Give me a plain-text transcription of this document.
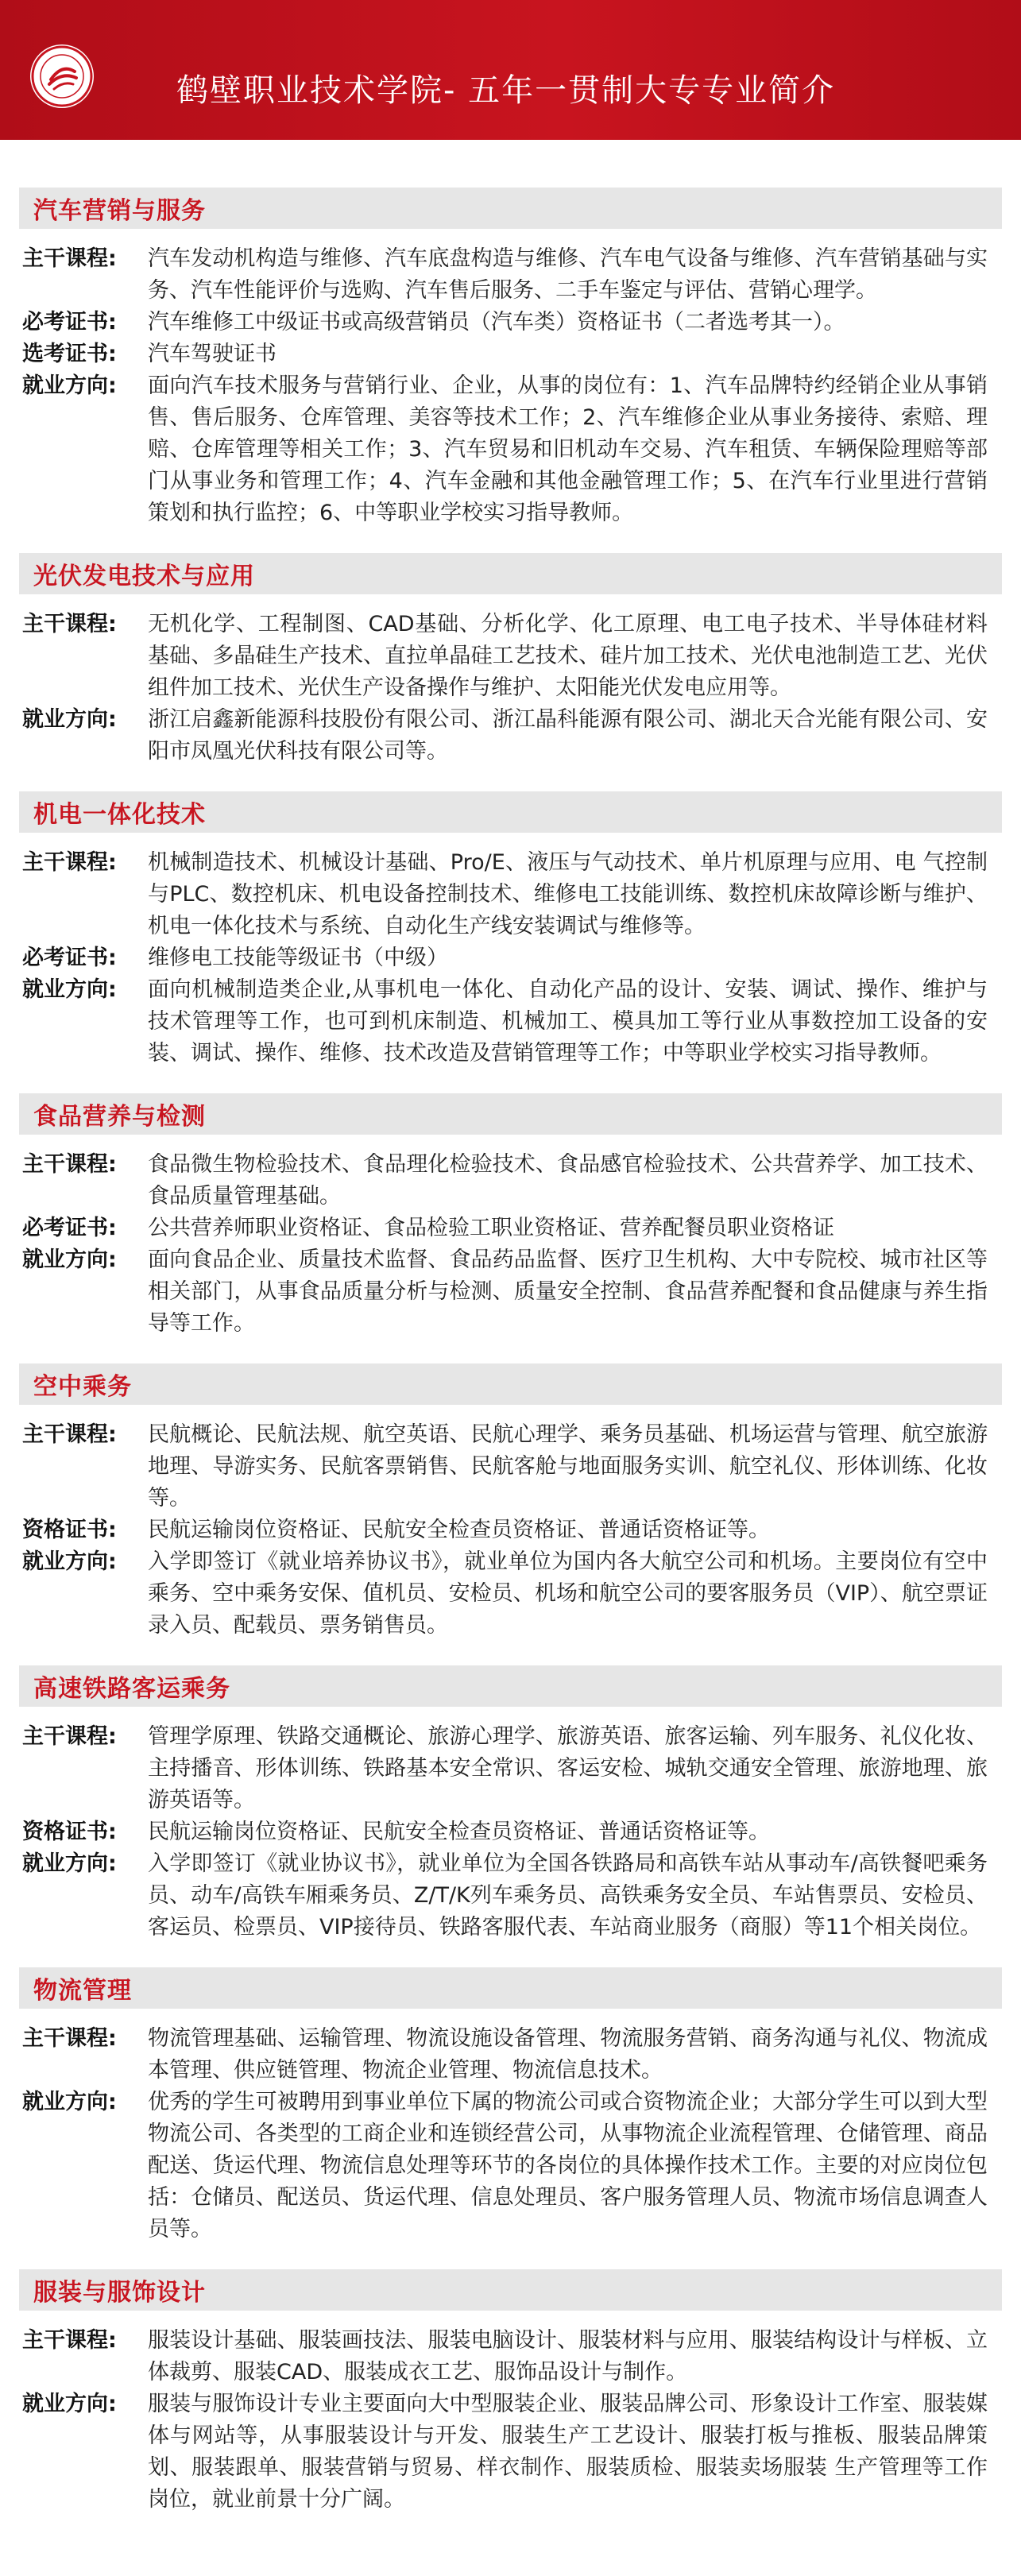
鹤壁职业技术学院- 五年一贯制大专专业简介
汽车营销与服务
主干课程:	汽车发动机构造与维修、汽车底盘构造与维修、汽车电气设备与维修、汽车营销基础与实务、汽车性能评价与选购、汽车售后服务、二手车鉴定与评估、营销心理学。
必考证书:	汽车维修工中级证书或高级营销员（汽车类）资格证书（二者选考其一）。
选考证书:	汽车驾驶证书
就业方向:	面向汽车技术服务与营销行业、企业，从事的岗位有：1、汽车品牌特约经销企业从事销售、售后服务、仓库管理、美容等技术工作；2、汽车维修企业从事业务接待、索赔、理赔、仓库管理等相关工作；3、汽车贸易和旧机动车交易、汽车租赁、车辆保险理赔等部门从事业务和管理工作；4、汽车金融和其他金融管理工作；5、在汽车行业里进行营销策划和执行监控；6、中等职业学校实习指导教师。
光伏发电技术与应用
主干课程:	无机化学、工程制图、CAD基础、分析化学、化工原理、电工电子技术、半导体硅材料基础、多晶硅生产技术、直拉单晶硅工艺技术、硅片加工技术、光伏电池制造工艺、光伏组件加工技术、光伏生产设备操作与维护、太阳能光伏发电应用等。
就业方向:	浙江启鑫新能源科技股份有限公司、浙江晶科能源有限公司、湖北天合光能有限公司、安阳市凤凰光伏科技有限公司等。
机电一体化技术
主干课程:	机械制造技术、机械设计基础、Pro/E、液压与气动技术、单片机原理与应用、电 气控制与PLC、数控机床、机电设备控制技术、维修电工技能训练、数控机床故障诊断与维护、机电一体化技术与系统、自动化生产线安装调试与维修等。
必考证书:	维修电工技能等级证书（中级）
就业方向:	面向机械制造类企业,从事机电一体化、自动化产品的设计、安装、调试、操作、维护与技术管理等工作，也可到机床制造、机械加工、模具加工等行业从事数控加工设备的安装、调试、操作、维修、技术改造及营销管理等工作；中等职业学校实习指导教师。
食品营养与检测
主干课程:	食品微生物检验技术、食品理化检验技术、食品感官检验技术、公共营养学、加工技术、食品质量管理基础。
必考证书:	公共营养师职业资格证、食品检验工职业资格证、营养配餐员职业资格证
就业方向:	面向食品企业、质量技术监督、食品药品监督、医疗卫生机构、大中专院校、城市社区等相关部门，从事食品质量分析与检测、质量安全控制、食品营养配餐和食品健康与养生指导等工作。
空中乘务
主干课程:	民航概论、民航法规、航空英语、民航心理学、乘务员基础、机场运营与管理、航空旅游地理、导游实务、民航客票销售、民航客舱与地面服务实训、航空礼仪、形体训练、化妆等。
资格证书:	民航运输岗位资格证、民航安全检查员资格证、普通话资格证等。
就业方向:	入学即签订《就业培养协议书》，就业单位为国内各大航空公司和机场。主要岗位有空中乘务、空中乘务安保、值机员、安检员、机场和航空公司的要客服务员（VIP）、航空票证录入员、配载员、票务销售员。
高速铁路客运乘务
主干课程:	管理学原理、铁路交通概论、旅游心理学、旅游英语、旅客运输、列车服务、礼仪化妆、主持播音、形体训练、铁路基本安全常识、客运安检、城轨交通安全管理、旅游地理、旅游英语等。
资格证书:	民航运输岗位资格证、民航安全检查员资格证、普通话资格证等。
就业方向:	入学即签订《就业协议书》，就业单位为全国各铁路局和高铁车站从事动车/高铁餐吧乘务员、动车/高铁车厢乘务员、Z/T/K列车乘务员、高铁乘务安全员、车站售票员、安检员、客运员、检票员、VIP接待员、铁路客服代表、车站商业服务（商服）等11个相关岗位。
物流管理
主干课程:	物流管理基础、运输管理、物流设施设备管理、物流服务营销、商务沟通与礼仪、物流成本管理、供应链管理、物流企业管理、物流信息技术。
就业方向:	优秀的学生可被聘用到事业单位下属的物流公司或合资物流企业；大部分学生可以到大型物流公司、各类型的工商企业和连锁经营公司，从事物流企业流程管理、仓储管理、商品配送、货运代理、物流信息处理等环节的各岗位的具体操作技术工作。主要的对应岗位包括：仓储员、配送员、货运代理、信息处理员、客户服务管理人员、物流市场信息调查人员等。
服装与服饰设计
主干课程:	服装设计基础、服装画技法、服装电脑设计、服装材料与应用、服装结构设计与样板、立体裁剪、服装CAD、服装成衣工艺、服饰品设计与制作。
就业方向:	服装与服饰设计专业主要面向大中型服装企业、服装品牌公司、形象设计工作室、服装媒体与网站等，从事服装设计与开发、服装生产工艺设计、服装打板与推板、服装品牌策划、服装跟单、服装营销与贸易、样衣制作、服装质检、服装卖场服装 生产管理等工作岗位，就业前景十分广阔。
